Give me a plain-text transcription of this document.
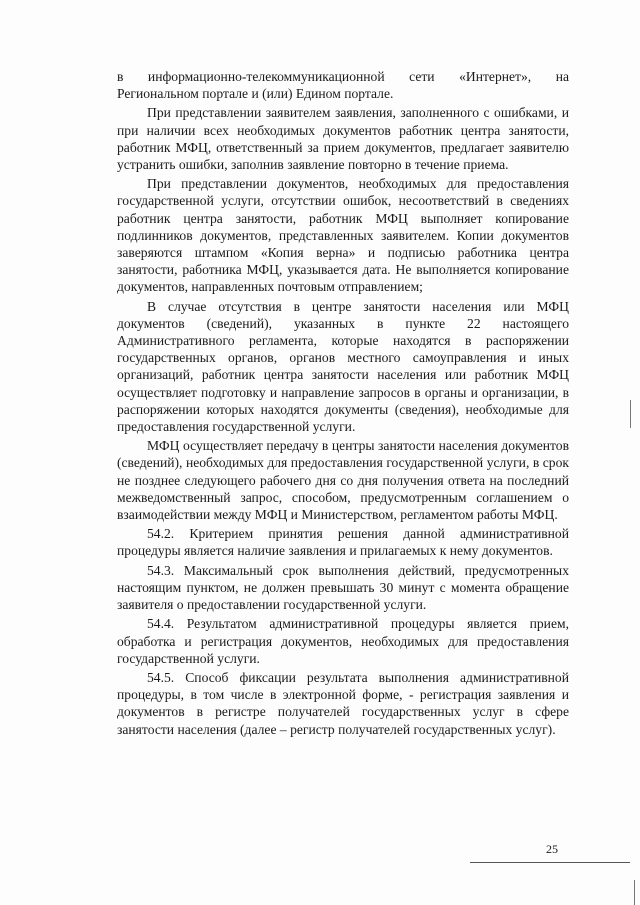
в информационно-телекоммуникационной сети «Интернет», на Региональном портале и (или) Едином портале.

При представлении заявителем заявления, заполненного с ошибками, и при наличии всех необходимых документов работник центра занятости, работник МФЦ, ответственный за прием документов, предлагает заявителю устранить ошибки, заполнив заявление повторно в течение приема.

При представлении документов, необходимых для предоставления государственной услуги, отсутствии ошибок, несоответствий в сведениях работник центра занятости, работник МФЦ выполняет копирование подлинников документов, представленных заявителем. Копии документов заверяются штампом «Копия верна» и подписью работника центра занятости, работника МФЦ, указывается дата. Не выполняется копирование документов, направленных почтовым отправлением;

В случае отсутствия в центре занятости населения или МФЦ документов (сведений), указанных в пункте 22 настоящего Административного регламента, которые находятся в распоряжении государственных органов, органов местного самоуправления и иных организаций, работник центра занятости населения или работник МФЦ осуществляет подготовку и направление запросов в органы и организации, в распоряжении которых находятся документы (сведения), необходимые для предоставления государственной услуги.

МФЦ осуществляет передачу в центры занятости населения документов (сведений), необходимых для предоставления государственной услуги, в срок не позднее следующего рабочего дня со дня получения ответа на последний межведомственный запрос, способом, предусмотренным соглашением о взаимодействии между МФЦ и Министерством, регламентом работы МФЦ.

54.2. Критерием принятия решения данной административной процедуры является наличие заявления и прилагаемых к нему документов.

54.3. Максимальный срок выполнения действий, предусмотренных настоящим пунктом, не должен превышать 30 минут с момента обращение заявителя о предоставлении государственной услуги.

54.4. Результатом административной процедуры является прием, обработка и регистрация документов, необходимых для предоставления государственной услуги.

54.5. Способ фиксации результата выполнения административной процедуры, в том числе в электронной форме, - регистрация заявления и документов в регистре получателей государственных услуг в сфере занятости населения (далее – регистр получателей государственных услуг).

25
